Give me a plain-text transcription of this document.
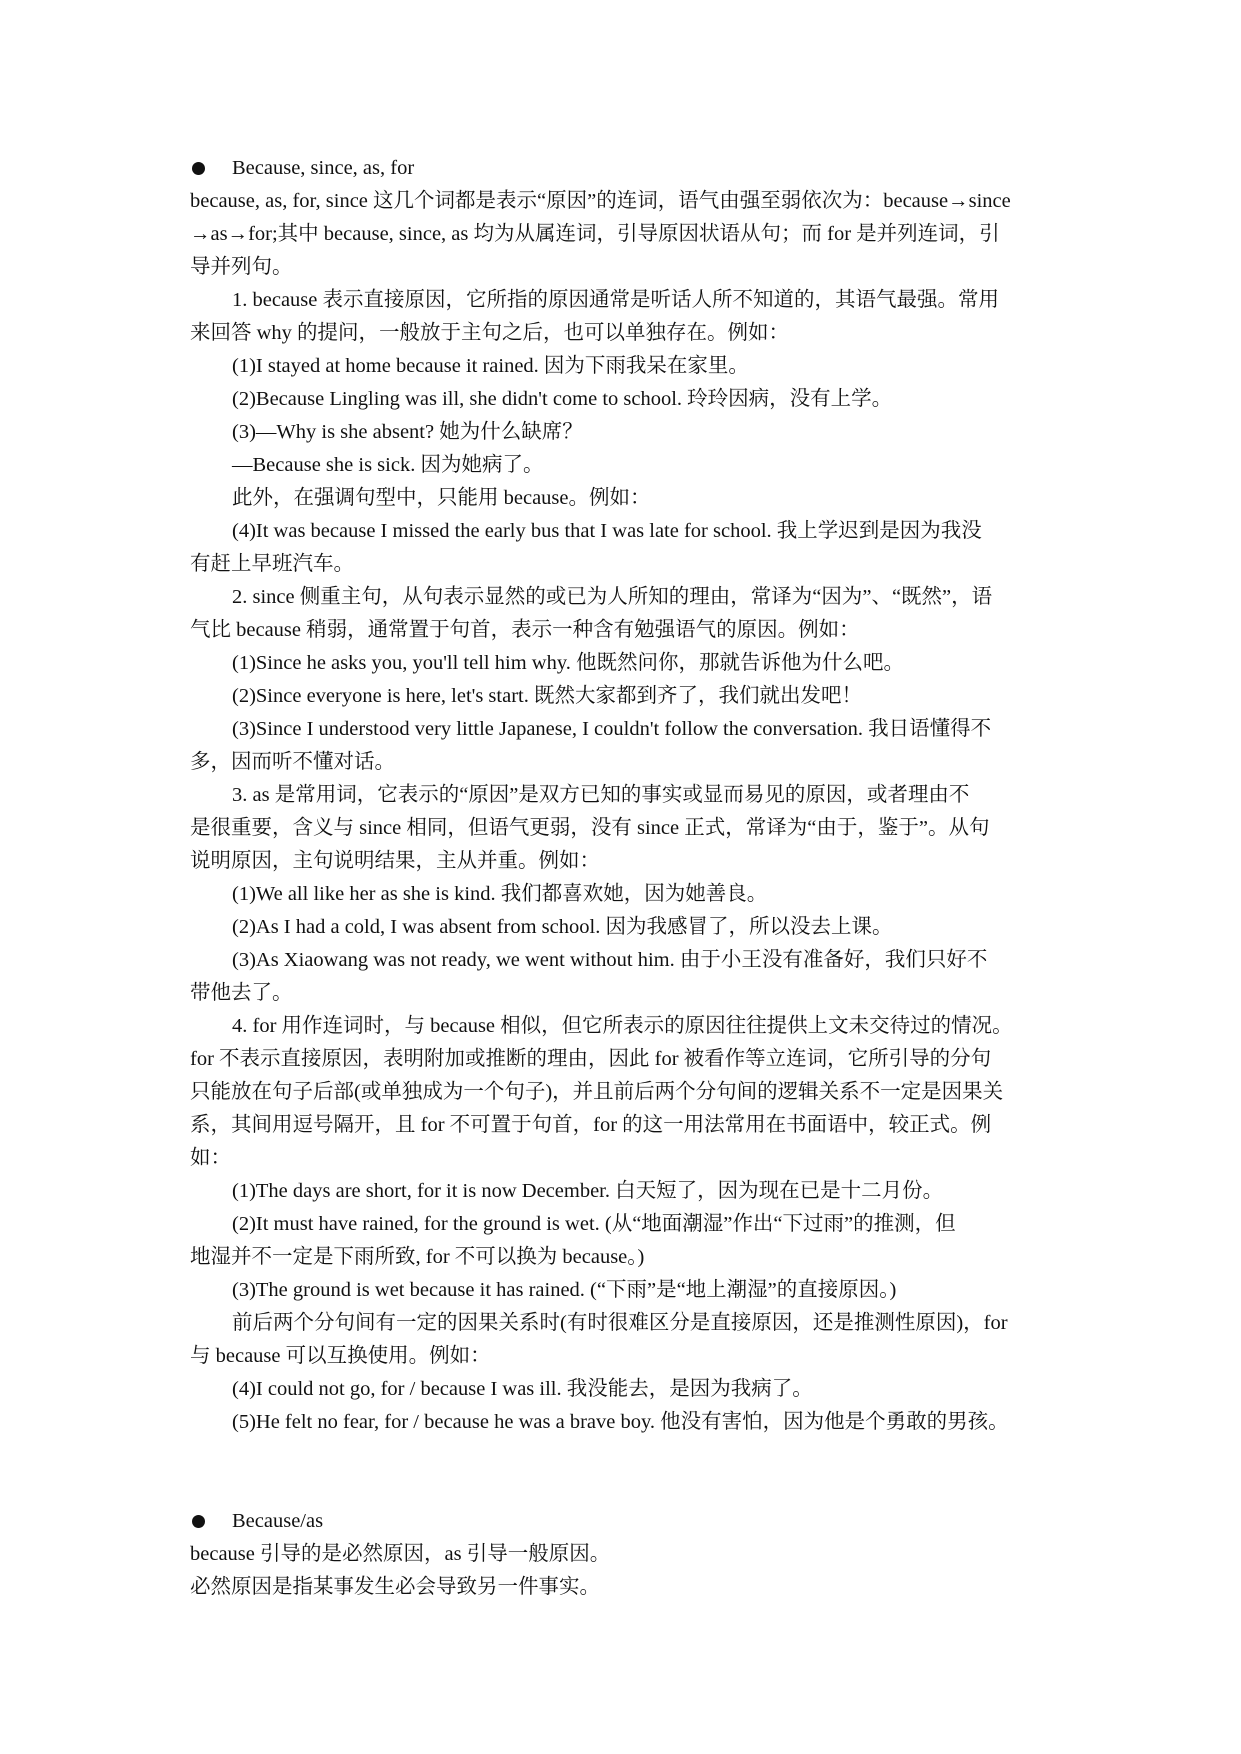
Because, since, as, for
because, as, for, since 这几个词都是表示“原因”的连词，语气由强至弱依次为：because→since
→as→for;其中 because, since, as 均为从属连词，引导原因状语从句；而 for 是并列连词，引
导并列句。
1. because 表示直接原因，它所指的原因通常是听话人所不知道的，其语气最强。常用
来回答 why 的提问，一般放于主句之后，也可以单独存在。例如：
(1)I stayed at home because it rained. 因为下雨我呆在家里。
(2)Because Lingling was ill, she didn't come to school. 玲玲因病，没有上学。
(3)—Why is she absent? 她为什么缺席？
—Because she is sick. 因为她病了。
此外，在强调句型中，只能用 because。例如：
(4)It was because I missed the early bus that I was late for school. 我上学迟到是因为我没
有赶上早班汽车。
2. since 侧重主句，从句表示显然的或已为人所知的理由，常译为“因为”、“既然”，语
气比 because 稍弱，通常置于句首，表示一种含有勉强语气的原因。例如：
(1)Since he asks you, you'll tell him why. 他既然问你，那就告诉他为什么吧。
(2)Since everyone is here, let's start. 既然大家都到齐了，我们就出发吧！
(3)Since I understood very little Japanese, I couldn't follow the conversation. 我日语懂得不
多，因而听不懂对话。
3. as 是常用词，它表示的“原因”是双方已知的事实或显而易见的原因，或者理由不
是很重要，含义与 since 相同，但语气更弱，没有 since 正式，常译为“由于，鉴于”。从句
说明原因，主句说明结果，主从并重。例如：
(1)We all like her as she is kind. 我们都喜欢她，因为她善良。
(2)As I had a cold, I was absent from school. 因为我感冒了，所以没去上课。
(3)As Xiaowang was not ready, we went without him. 由于小王没有准备好，我们只好不
带他去了。
4. for 用作连词时，与 because 相似，但它所表示的原因往往提供上文未交待过的情况。
for 不表示直接原因，表明附加或推断的理由，因此 for 被看作等立连词，它所引导的分句
只能放在句子后部(或单独成为一个句子)，并且前后两个分句间的逻辑关系不一定是因果关
系，其间用逗号隔开，且 for 不可置于句首，for 的这一用法常用在书面语中，较正式。例
如：
(1)The days are short, for it is now December. 白天短了，因为现在已是十二月份。
(2)It must have rained, for the ground is wet. (从“地面潮湿”作出“下过雨”的推测，但
地湿并不一定是下雨所致, for 不可以换为 because。)
(3)The ground is wet because it has rained. (“下雨”是“地上潮湿”的直接原因。)
前后两个分句间有一定的因果关系时(有时很难区分是直接原因，还是推测性原因)，for
与 because 可以互换使用。例如：
(4)I could not go, for / because I was ill. 我没能去，是因为我病了。
(5)He felt no fear, for / because he was a brave boy. 他没有害怕，因为他是个勇敢的男孩。
Because/as
because 引导的是必然原因，as 引导一般原因。
必然原因是指某事发生必会导致另一件事实。
